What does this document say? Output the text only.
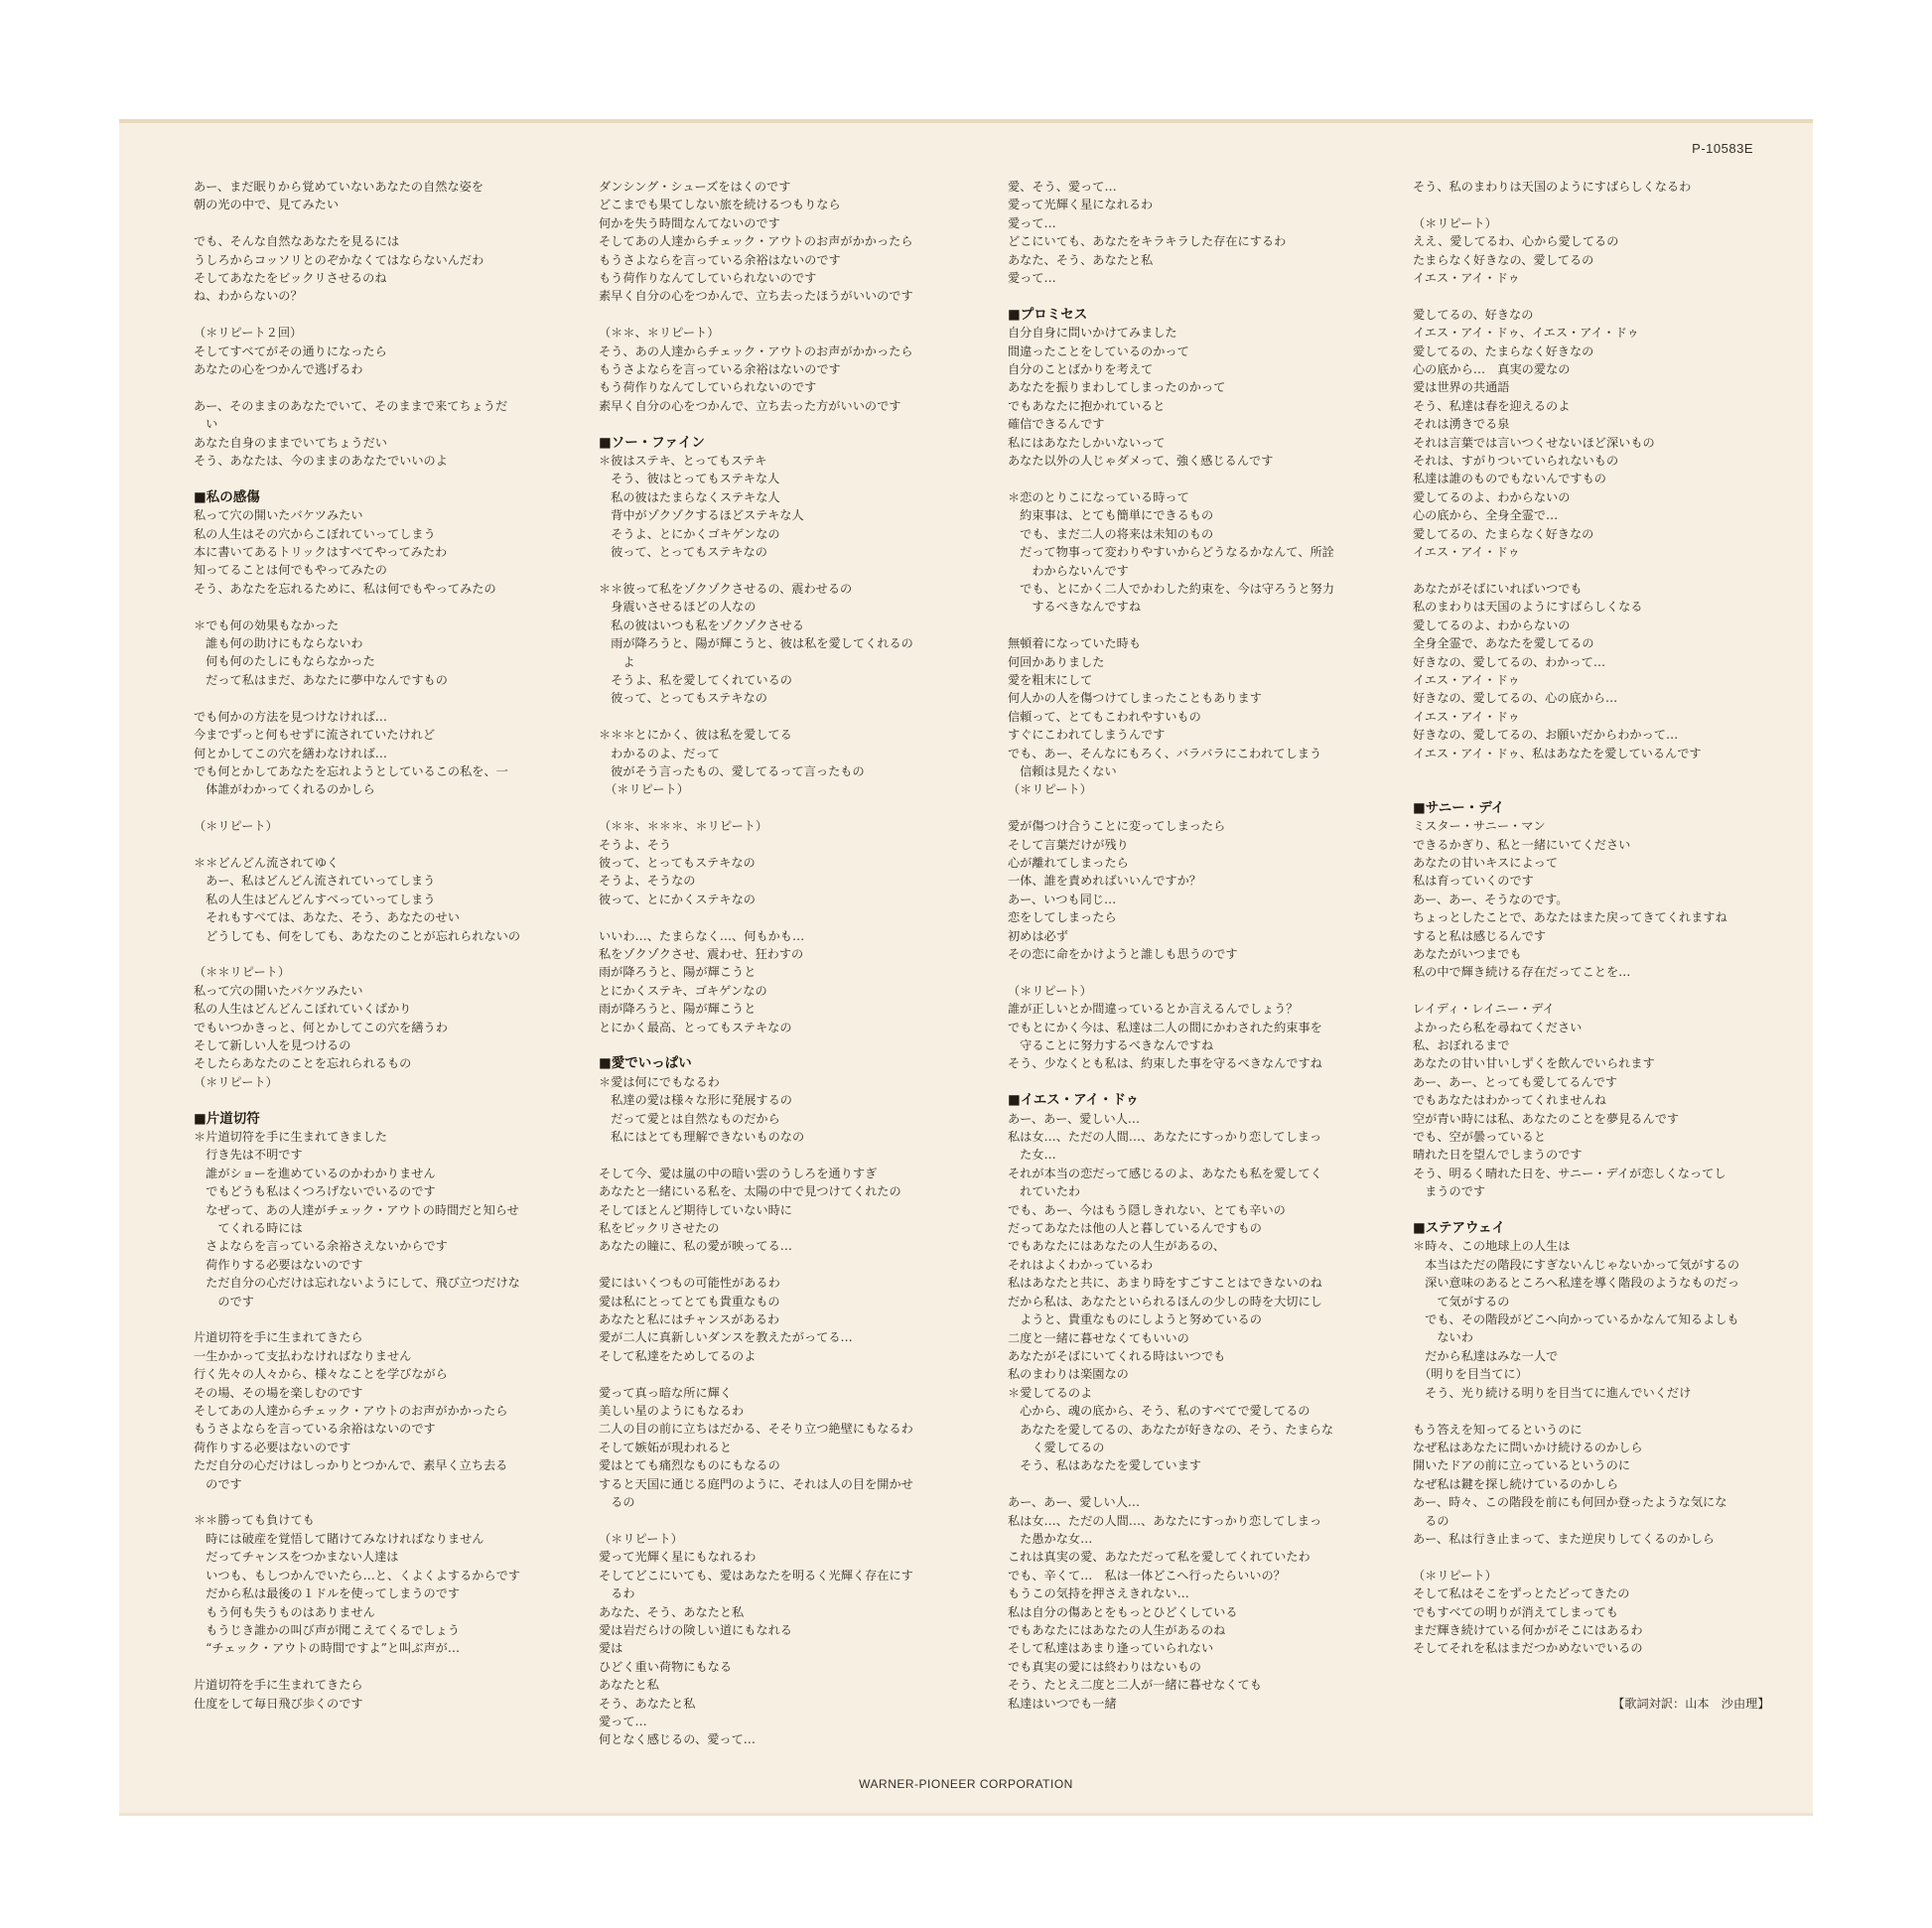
P-10583E
あー、まだ眠りから覚めていないあなたの自然な姿を
朝の光の中で、見てみたい
でも、そんな自然なあなたを見るには
うしろからコッソリとのぞかなくてはならないんだわ
そしてあなたをビックリさせるのね
ね、わからないの？
（＊リピート２回）
そしてすべてがその通りになったら
あなたの心をつかんで逃げるわ
あー、そのままのあなたでいて、そのままで来てちょうだ
　い
あなた自身のままでいてちょうだい
そう、あなたは、今のままのあなたでいいのよ
■私の感傷
私って穴の開いたバケツみたい
私の人生はその穴からこぼれていってしまう
本に書いてあるトリックはすべてやってみたわ
知ってることは何でもやってみたの
そう、あなたを忘れるために、私は何でもやってみたの
＊でも何の効果もなかった
　誰も何の助けにもならないわ
　何も何のたしにもならなかった
　だって私はまだ、あなたに夢中なんですもの
でも何かの方法を見つけなければ…
今までずっと何もせずに流されていたけれど
何とかしてこの穴を繕わなければ…
でも何とかしてあなたを忘れようとしているこの私を、一
　体誰がわかってくれるのかしら
（＊リピート）
＊＊どんどん流されてゆく
　あー、私はどんどん流されていってしまう
　私の人生はどんどんすべっていってしまう
　それもすべては、あなた、そう、あなたのせい
　どうしても、何をしても、あなたのことが忘れられないの
（＊＊リピート）
私って穴の開いたバケツみたい
私の人生はどんどんこぼれていくばかり
でもいつかきっと、何とかしてこの穴を繕うわ
そして新しい人を見つけるの
そしたらあなたのことを忘れられるもの
（＊リピート）
■片道切符
＊片道切符を手に生まれてきました
　行き先は不明です
　誰がショーを進めているのかわかりません
　でもどうも私はくつろげないでいるのです
　なぜって、あの人達がチェック・アウトの時間だと知らせ
　　てくれる時には
　さよならを言っている余裕さえないからです
　荷作りする必要はないのです
　ただ自分の心だけは忘れないようにして、飛び立つだけな
　　のです
片道切符を手に生まれてきたら
一生かかって支払わなければなりません
行く先々の人々から、様々なことを学びながら
その場、その場を楽しむのです
そしてあの人達からチェック・アウトのお声がかかったら
もうさよならを言っている余裕はないのです
荷作りする必要はないのです
ただ自分の心だけはしっかりとつかんで、素早く立ち去る
　のです
＊＊勝っても負けても
　時には破産を覚悟して賭けてみなければなりません
　だってチャンスをつかまない人達は
　いつも、もしつかんでいたら…と、くよくよするからです
　だから私は最後の１ドルを使ってしまうのです
　もう何も失うものはありません
　もうじき誰かの叫び声が聞こえてくるでしょう
　“チェック・アウトの時間ですよ”と叫ぶ声が…
片道切符を手に生まれてきたら
仕度をして毎日飛び歩くのです
ダンシング・シューズをはくのです
どこまでも果てしない旅を続けるつもりなら
何かを失う時間なんてないのです
そしてあの人達からチェック・アウトのお声がかかったら
もうさよならを言っている余裕はないのです
もう荷作りなんてしていられないのです
素早く自分の心をつかんで、立ち去ったほうがいいのです
（＊＊、＊リピート）
そう、あの人達からチェック・アウトのお声がかかったら
もうさよならを言っている余裕はないのです
もう荷作りなんてしていられないのです
素早く自分の心をつかんで、立ち去った方がいいのです
■ソー・ファイン
＊彼はステキ、とってもステキ
　そう、彼はとってもステキな人
　私の彼はたまらなくステキな人
　背中がゾクゾクするほどステキな人
　そうよ、とにかくゴキゲンなの
　彼って、とってもステキなの
＊＊彼って私をゾクゾクさせるの、震わせるの
　身震いさせるほどの人なの
　私の彼はいつも私をゾクゾクさせる
　雨が降ろうと、陽が輝こうと、彼は私を愛してくれるの
　　よ
　そうよ、私を愛してくれているの
　彼って、とってもステキなの
＊＊＊とにかく、彼は私を愛してる
　わかるのよ、だって
　彼がそう言ったもの、愛してるって言ったもの
　（＊リピート）
（＊＊、＊＊＊、＊リピート）
そうよ、そう
彼って、とってもステキなの
そうよ、そうなの
彼って、とにかくステキなの
いいわ…、たまらなく…、何もかも…
私をゾクゾクさせ、震わせ、狂わすの
雨が降ろうと、陽が輝こうと
とにかくステキ、ゴキゲンなの
雨が降ろうと、陽が輝こうと
とにかく最高、とってもステキなの
■愛でいっぱい
＊愛は何にでもなるわ
　私達の愛は様々な形に発展するの
　だって愛とは自然なものだから
　私にはとても理解できないものなの
そして今、愛は嵐の中の暗い雲のうしろを通りすぎ
あなたと一緒にいる私を、太陽の中で見つけてくれたの
そしてほとんど期待していない時に
私をビックリさせたの
あなたの瞳に、私の愛が映ってる…
愛にはいくつもの可能性があるわ
愛は私にとってとても貴重なもの
あなたと私にはチャンスがあるわ
愛が二人に真新しいダンスを教えたがってる…
そして私達をためしてるのよ
愛って真っ暗な所に輝く
美しい星のようにもなるわ
二人の目の前に立ちはだかる、そそり立つ絶壁にもなるわ
そして嫉妬が現われると
愛はとても痛烈なものにもなるの
すると天国に通じる庭門のように、それは人の目を開かせ
　るの
（＊リピート）
愛って光輝く星にもなれるわ
そしてどこにいても、愛はあなたを明るく光輝く存在にす
　るわ
あなた、そう、あなたと私
愛は岩だらけの険しい道にもなれる
愛は
ひどく重い荷物にもなる
あなたと私
そう、あなたと私
愛って…
何となく感じるの、愛って…
愛、そう、愛って…
愛って光輝く星になれるわ
愛って…
どこにいても、あなたをキラキラした存在にするわ
あなた、そう、あなたと私
愛って…
■プロミセス
自分自身に問いかけてみました
間違ったことをしているのかって
自分のことばかりを考えて
あなたを振りまわしてしまったのかって
でもあなたに抱かれていると
確信できるんです
私にはあなたしかいないって
あなた以外の人じゃダメって、強く感じるんです
＊恋のとりこになっている時って
　約束事は、とても簡単にできるもの
　でも、まだ二人の将来は未知のもの
　だって物事って変わりやすいからどうなるかなんて、所詮
　　わからないんです
　でも、とにかく二人でかわした約束を、今は守ろうと努力
　　するべきなんですね
無頓着になっていた時も
何回かありました
愛を粗末にして
何人かの人を傷つけてしまったこともあります
信頼って、とてもこわれやすいもの
すぐにこわれてしまうんです
でも、あー、そんなにもろく、バラバラにこわれてしまう
　信頼は見たくない
（＊リピート）
愛が傷つけ合うことに変ってしまったら
そして言葉だけが残り
心が離れてしまったら
一体、誰を責めればいいんですか？
あー、いつも同じ…
恋をしてしまったら
初めは必ず
その恋に命をかけようと誰しも思うのです
（＊リピート）
誰が正しいとか間違っているとか言えるんでしょう？
でもとにかく今は、私達は二人の間にかわされた約束事を
　守ることに努力するべきなんですね
そう、少なくとも私は、約束した事を守るべきなんですね
■イエス・アイ・ドゥ
あー、あー、愛しい人…
私は女…、ただの人間…、あなたにすっかり恋してしまっ
　た女…
それが本当の恋だって感じるのよ、あなたも私を愛してく
　れていたわ
でも、あー、今はもう隠しきれない、とても辛いの
だってあなたは他の人と暮しているんですもの
でもあなたにはあなたの人生があるの、
それはよくわかっているわ
私はあなたと共に、あまり時をすごすことはできないのね
だから私は、あなたといられるほんの少しの時を大切にし
　ようと、貴重なものにしようと努めているの
二度と一緒に暮せなくてもいいの
あなたがそばにいてくれる時はいつでも
私のまわりは楽園なの
＊愛してるのよ
　心から、魂の底から、そう、私のすべてで愛してるの
　あなたを愛してるの、あなたが好きなの、そう、たまらな
　　く愛してるの
　そう、私はあなたを愛しています
あー、あー、愛しい人…
私は女…、ただの人間…、あなたにすっかり恋してしまっ
　た愚かな女…
これは真実の愛、あなただって私を愛してくれていたわ
でも、辛くて…　私は一体どこへ行ったらいいの？
もうこの気持を押さえきれない…
私は自分の傷あとをもっとひどくしている
でもあなたにはあなたの人生があるのね
そして私達はあまり逢っていられない
でも真実の愛には終わりはないもの
そう、たとえ二度と二人が一緒に暮せなくても
私達はいつでも一緒
そう、私のまわりは天国のようにすばらしくなるわ
（＊リピート）
ええ、愛してるわ、心から愛してるの
たまらなく好きなの、愛してるの
イエス・アイ・ドゥ
愛してるの、好きなの
イエス・アイ・ドゥ、イエス・アイ・ドゥ
愛してるの、たまらなく好きなの
心の底から…　真実の愛なの
愛は世界の共通語
そう、私達は春を迎えるのよ
それは湧きでる泉
それは言葉では言いつくせないほど深いもの
それは、すがりついていられないもの
私達は誰のものでもないんですもの
愛してるのよ、わからないの
心の底から、全身全霊で…
愛してるの、たまらなく好きなの
イエス・アイ・ドゥ
あなたがそばにいればいつでも
私のまわりは天国のようにすばらしくなる
愛してるのよ、わからないの
全身全霊で、あなたを愛してるの
好きなの、愛してるの、わかって…
イエス・アイ・ドゥ
好きなの、愛してるの、心の底から…
イエス・アイ・ドゥ
好きなの、愛してるの、お願いだからわかって…
イエス・アイ・ドゥ、私はあなたを愛しているんです
■サニー・デイ
ミスター・サニー・マン
できるかぎり、私と一緒にいてください
あなたの甘いキスによって
私は育っていくのです
あー、あー、そうなのです。
ちょっとしたことで、あなたはまた戻ってきてくれますね
すると私は感じるんです
あなたがいつまでも
私の中で輝き続ける存在だってことを…
レイディ・レイニー・デイ
よかったら私を尋ねてください
私、おぼれるまで
あなたの甘い甘いしずくを飲んでいられます
あー、あー、とっても愛してるんです
でもあなたはわかってくれませんね
空が青い時には私、あなたのことを夢見るんです
でも、空が曇っていると
晴れた日を望んでしまうのです
そう、明るく晴れた日を、サニー・デイが恋しくなってし
　まうのです
■ステアウェイ
＊時々、この地球上の人生は
　本当はただの階段にすぎないんじゃないかって気がするの
　深い意味のあるところへ私達を導く階段のようなものだっ
　　て気がするの
　でも、その階段がどこへ向かっているかなんて知るよしも
　　ないわ
　だから私達はみな一人で
　（明りを目当てに）
　そう、光り続ける明りを目当てに進んでいくだけ
もう答えを知ってるというのに
なぜ私はあなたに問いかけ続けるのかしら
開いたドアの前に立っているというのに
なぜ私は鍵を探し続けているのかしら
あー、時々、この階段を前にも何回か登ったような気にな
　るの
あー、私は行き止まって、また逆戻りしてくるのかしら
（＊リピート）
そして私はそこをずっとたどってきたの
でもすべての明りが消えてしまっても
まだ輝き続けている何かがそこにはあるわ
そしてそれを私はまだつかめないでいるの
　　　　　　　　　　　　　　　　　【歌詞対訳：山本　沙由理】
WARNER-PIONEER CORPORATION
